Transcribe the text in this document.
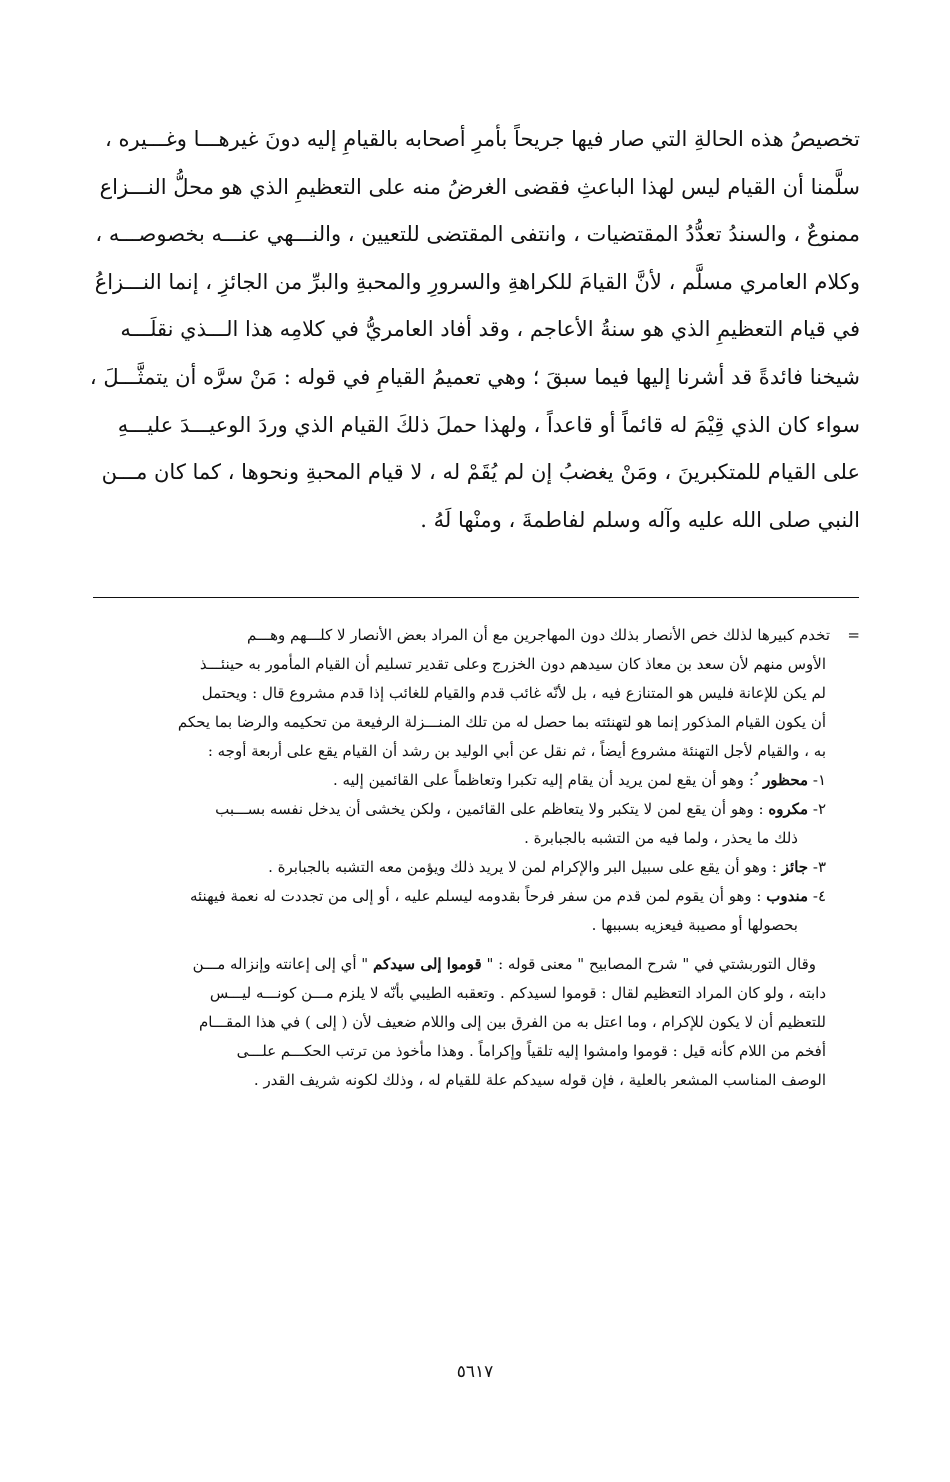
تخصيصُ هذه الحالةِ التي صار فيها جريحاً بأمرِ أصحابه بالقيامِ إليه دونَ غيرهـــا وغـــيره ،
سلَّمنا أن القيام ليس لهذا الباعثِ فقضى الغرضُ منه على التعظيمِ الذي هو محلُّ النـــزاع
ممنوعٌ ، والسندُ تعدُّدُ المقتضيات ، وانتفى المقتضى للتعيين ، والنـــهي عنـــه بخصوصـــه ،
وكلام العامري مسلَّم ، لأنَّ القيامَ للكراهةِ والسرورِ والمحبةِ والبرِّ من الجائزِ ، إنما النـــزاعُ
في قيام التعظيمِ الذي هو سنةُ الأعاجم ، وقد أفاد العامريُّ في كلامِه هذا الـــذي نقلَـــه
شيخنا فائدةً قد أشرنا إليها فيما سبقَ ؛ وهي تعميمُ القيامِ في قوله : مَنْ سرَّه أن يتمثَّـــلَ ،
سواء كان الذي قِيْمَ له قائماً أو قاعداً ، ولهذا حملَ ذلكَ القيام الذي وردَ الوعيـــدَ عليـــهِ
على القيام للمتكبرينَ ، ومَنْ يغضبُ إن لم يُقَمْ له ، لا قيام المحبةِ ونحوها ، كما كان مـــن
النبي صلى الله عليه وآله وسلم لفاطمةَ ، ومنْها لَهُ .
=تخدم كبيرها لذلك خص الأنصار بذلك دون المهاجرين مع أن المراد بعض الأنصار لا كلـــهم وهـــم
الأوس منهم لأن سعد بن معاذ كان سيدهم دون الخزرج وعلى تقدير تسليم أن القيام المأمور به حينئـــذ
لم يكن للإعانة فليس هو المتنازع فيه ، بل لأنّه غائب قدم والقيام للغائب إذا قدم مشروع قال : ويحتمل
أن يكون القيام المذكور إنما هو لتهنئته بما حصل له من تلك المنـــزلة الرفيعة من تحكيمه والرضا بما يحكم
به ، والقيام لأجل التهنئة مشروع أيضاً ، ثم نقل عن أبي الوليد بن رشد أن القيام يقع على أربعة أوجه :
١- محظور ﹸ: وهو أن يقع لمن يريد أن يقام إليه تكبرا وتعاظماً على القائمين إليه .
٢- مكروه : وهو أن يقع لمن لا يتكبر ولا يتعاظم على القائمين ، ولكن يخشى أن يدخل نفسه بســـبب
ذلك ما يحذر ، ولما فيه من التشبه بالجبابرة .
٣- جائز : وهو أن يقع على سبيل البر والإكرام لمن لا يريد ذلك ويؤمن معه التشبه بالجبابرة .
٤- مندوب : وهو أن يقوم لمن قدم من سفر فرحاً بقدومه ليسلم عليه ، أو إلى من تجددت له نعمة فيهنئه
بحصولها أو مصيبة فيعزيه بسببها .
وقال التوربشتي في " شرح المصابيح " معنى قوله : " قوموا إلى سيدكم " أي إلى إعانته وإنزاله مـــن
دابته ، ولو كان المراد التعظيم لقال : قوموا لسيدكم . وتعقبه الطيبي بأنّه لا يلزم مـــن كونـــه ليـــس
للتعظيم أن لا يكون للإكرام ، وما اعتل به من الفرق بين إلى واللام ضعيف لأن ( إلى ) في هذا المقـــام
أفخم من اللام كأنه قيل : قوموا وامشوا إليه تلقياً وإكراماً . وهذا مأخوذ من ترتب الحكـــم علـــى
الوصف المناسب المشعر بالعلية ، فإن قوله سيدكم علة للقيام له ، وذلك لكونه شريف القدر .
٥٦١٧
